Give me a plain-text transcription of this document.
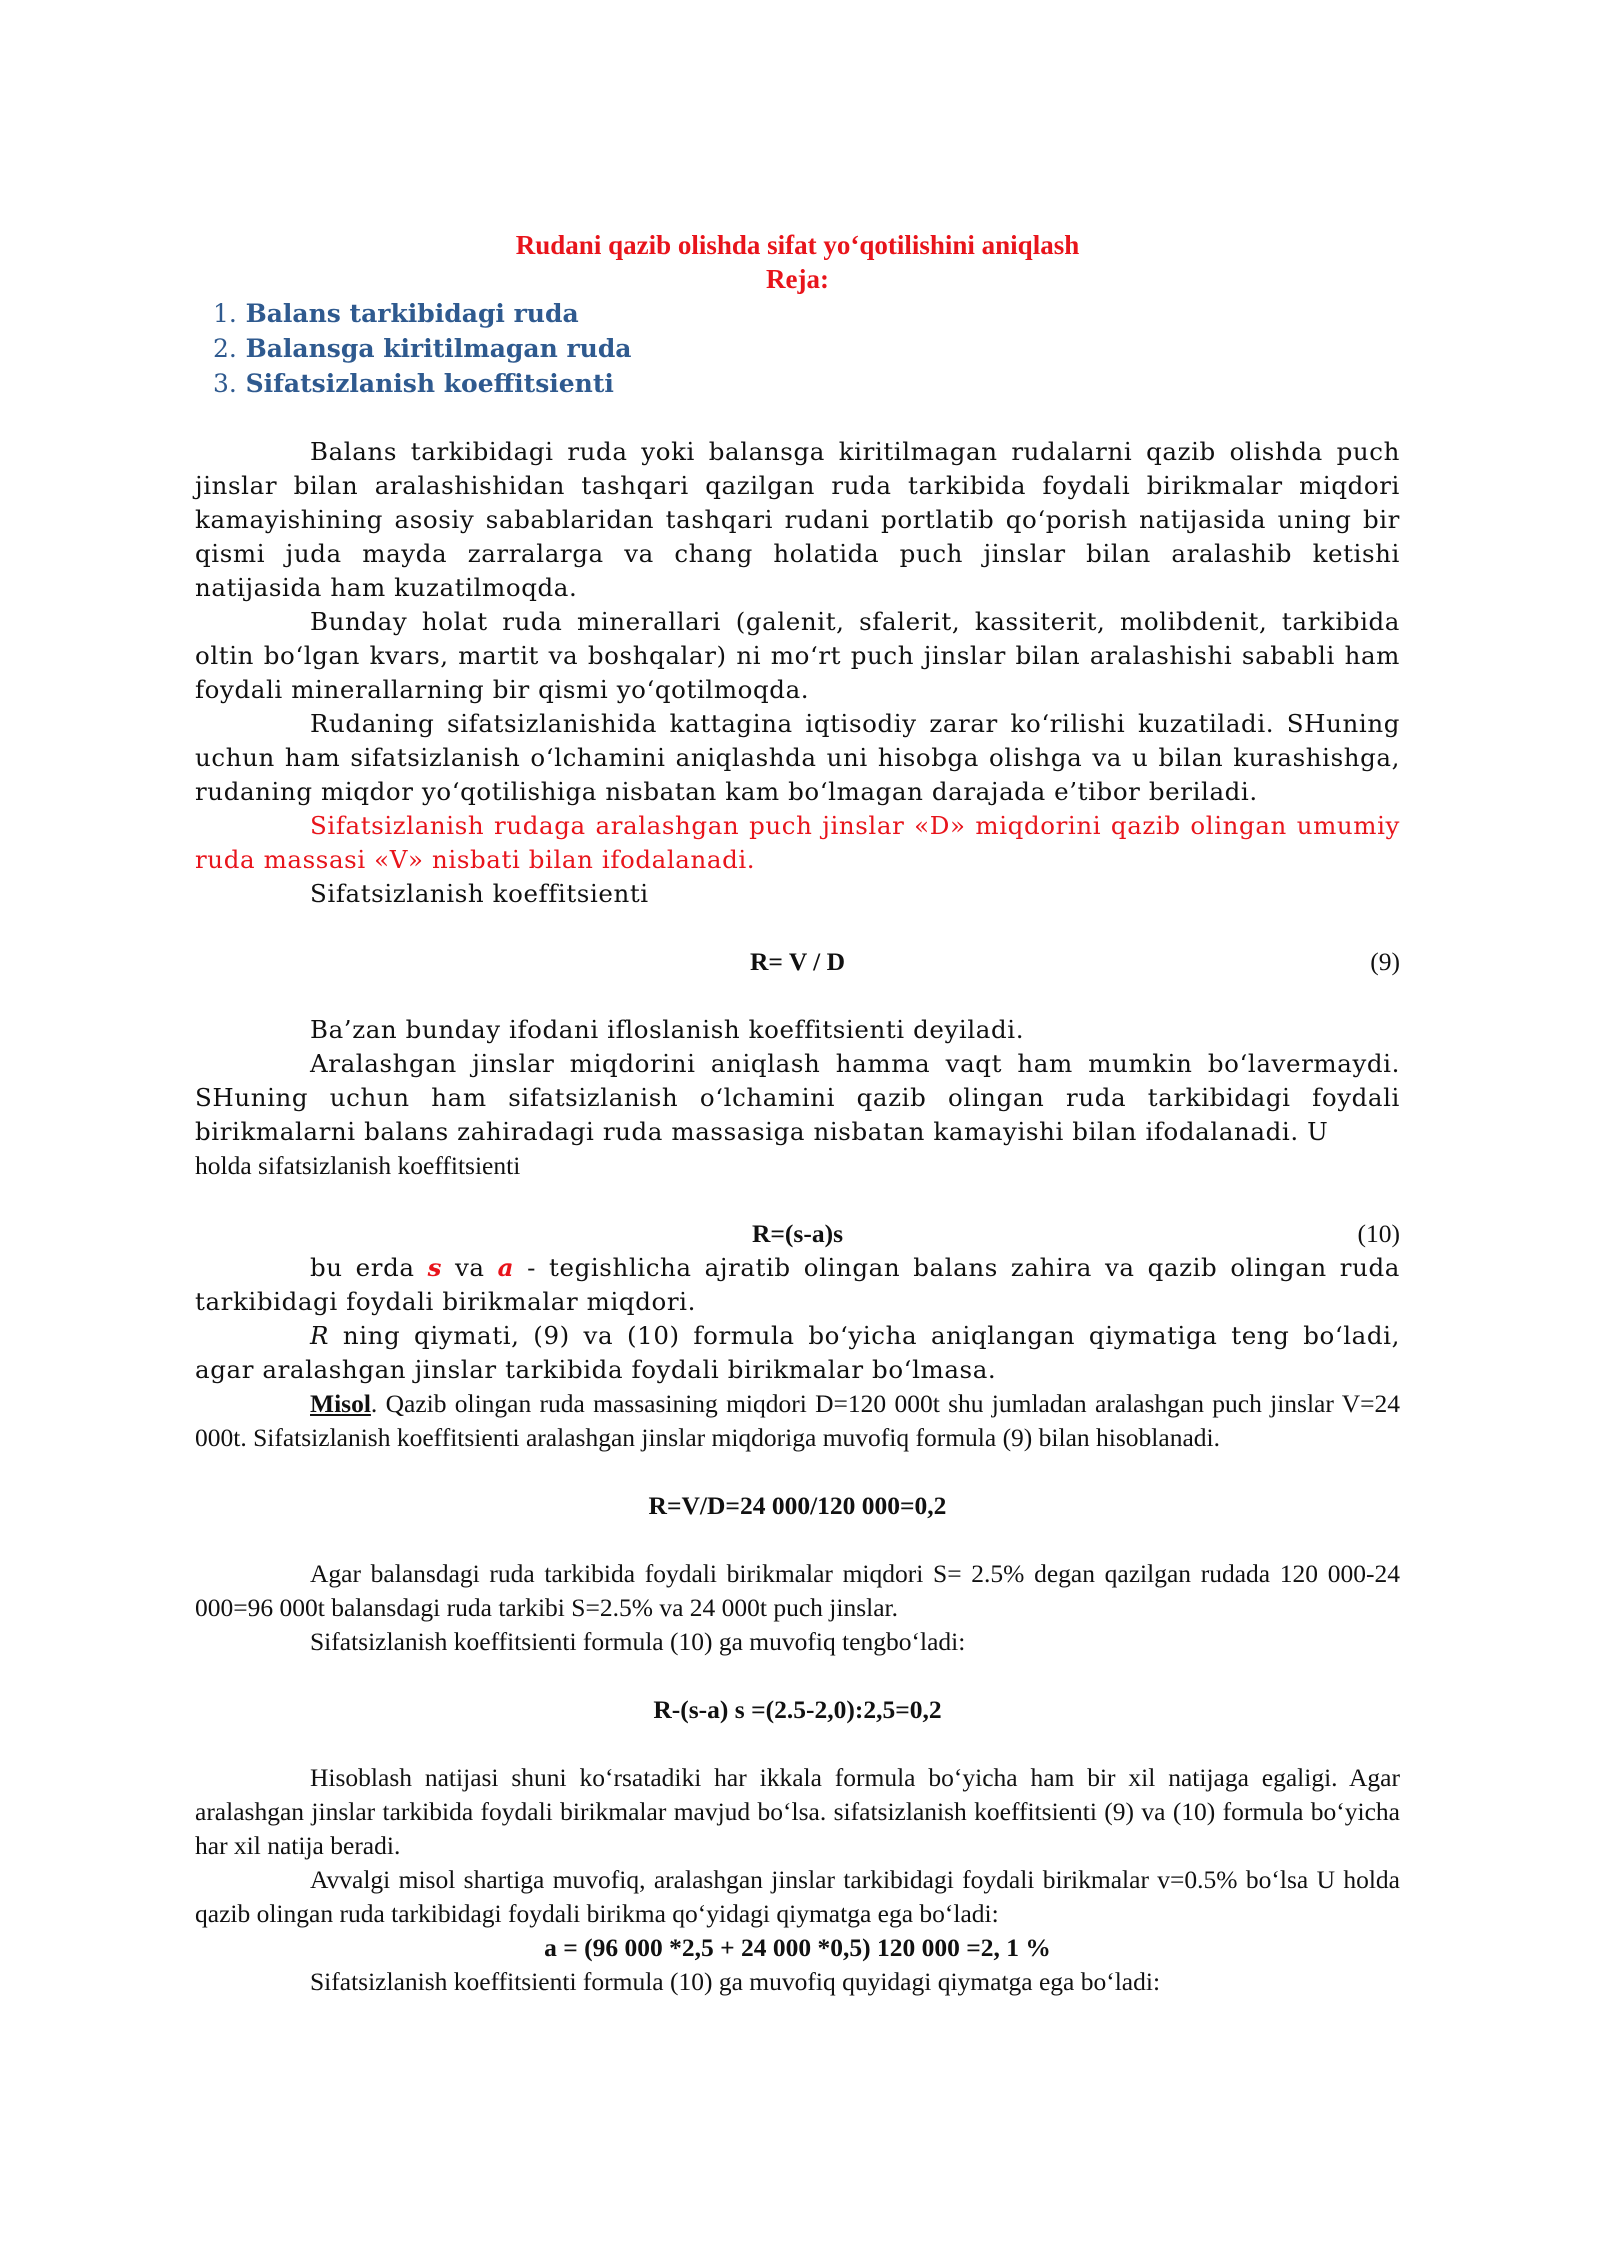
Rudani qazib olishda sifat yo‘qotilishini aniqlash
Reja:
1. Balans tarkibidagi ruda
2. Balansga kiritilmagan ruda
3. Sifatsizlanish koeffitsienti

Balans tarkibidagi ruda yoki balansga kiritilmagan rudalarni qazib olishda puch jinslar bilan aralashishidan tashqari qazilgan ruda tarkibida foydali birikmalar miqdori kamayishining asosiy sabablaridan tashqari rudani portlatib qo‘porish natijasida uning bir qismi juda mayda zarralarga va chang holatida puch jinslar bilan aralashib ketishi natijasida ham kuzatilmoqda.

Bunday holat ruda minerallari (galenit, sfalerit, kassiterit, molibdenit, tarkibida oltin bo‘lgan kvars, martit va boshqalar) ni mo‘rt puch jinslar bilan aralashishi sababli ham foydali minerallarning bir qismi yo‘qotilmoqda.

Rudaning sifatsizlanishida kattagina iqtisodiy zarar ko‘rilishi kuzatiladi. SHuning uchun ham sifatsizlanish o‘lchamini aniqlashda uni hisobga olishga va u bilan kurashishga, rudaning miqdor yo‘qotilishiga nisbatan kam bo‘lmagan darajada e’tibor beriladi.

Sifatsizlanish rudaga aralashgan puch jinslar «D» miqdorini qazib olingan umumiy ruda massasi «V» nisbati bilan ifodalanadi.

Sifatsizlanish koeffitsienti

R= V / D	(9)

Ba’zan bunday ifodani ifloslanish koeffitsienti deyiladi.

Aralashgan jinslar miqdorini aniqlash hamma vaqt ham mumkin bo‘lavermaydi. SHuning uchun ham sifatsizlanish o‘lchamini qazib olingan ruda tarkibidagi foydali birikmalarni balans zahiradagi ruda massasiga nisbatan kamayishi bilan ifodalanadi. U

holda sifatsizlanish koeffitsienti

R=(s-a)s	(10)

bu erda s va a - tegishlicha ajratib olingan balans zahira va qazib olingan ruda tarkibidagi foydali birikmalar miqdori.

R ning qiymati, (9) va (10) formula bo‘yicha aniqlangan qiymatiga teng bo‘ladi, agar aralashgan jinslar tarkibida foydali birikmalar bo‘lmasa.

Misol. Qazib olingan ruda massasining miqdori D=120 000t shu jumladan aralashgan puch jinslar V=24 000t. Sifatsizlanish koeffitsienti aralashgan jinslar miqdoriga muvofiq formula (9) bilan hisoblanadi.

R=V/D=24 000/120 000=0,2

Agar balansdagi ruda tarkibida foydali birikmalar miqdori S= 2.5% degan qazilgan rudada 120 000-24 000=96 000t balansdagi ruda tarkibi S=2.5% va 24 000t puch jinslar.

Sifatsizlanish koeffitsienti formula (10) ga muvofiq tengbo‘ladi:

R-(s-a) s =(2.5-2,0):2,5=0,2

Hisoblash natijasi shuni ko‘rsatadiki har ikkala formula bo‘yicha ham bir xil natijaga egaligi. Agar aralashgan jinslar tarkibida foydali birikmalar mavjud bo‘lsa. sifatsizlanish koeffitsienti (9) va (10) formula bo‘yicha har xil natija beradi.

Avvalgi misol shartiga muvofiq, aralashgan jinslar tarkibidagi foydali birikmalar v=0.5% bo‘lsa U holda qazib olingan ruda tarkibidagi foydali birikma qo‘yidagi qiymatga ega bo‘ladi:

a = (96 000 *2,5 + 24 000 *0,5) 120 000 =2, 1 %

Sifatsizlanish koeffitsienti formula (10) ga muvofiq quyidagi qiymatga ega bo‘ladi:
